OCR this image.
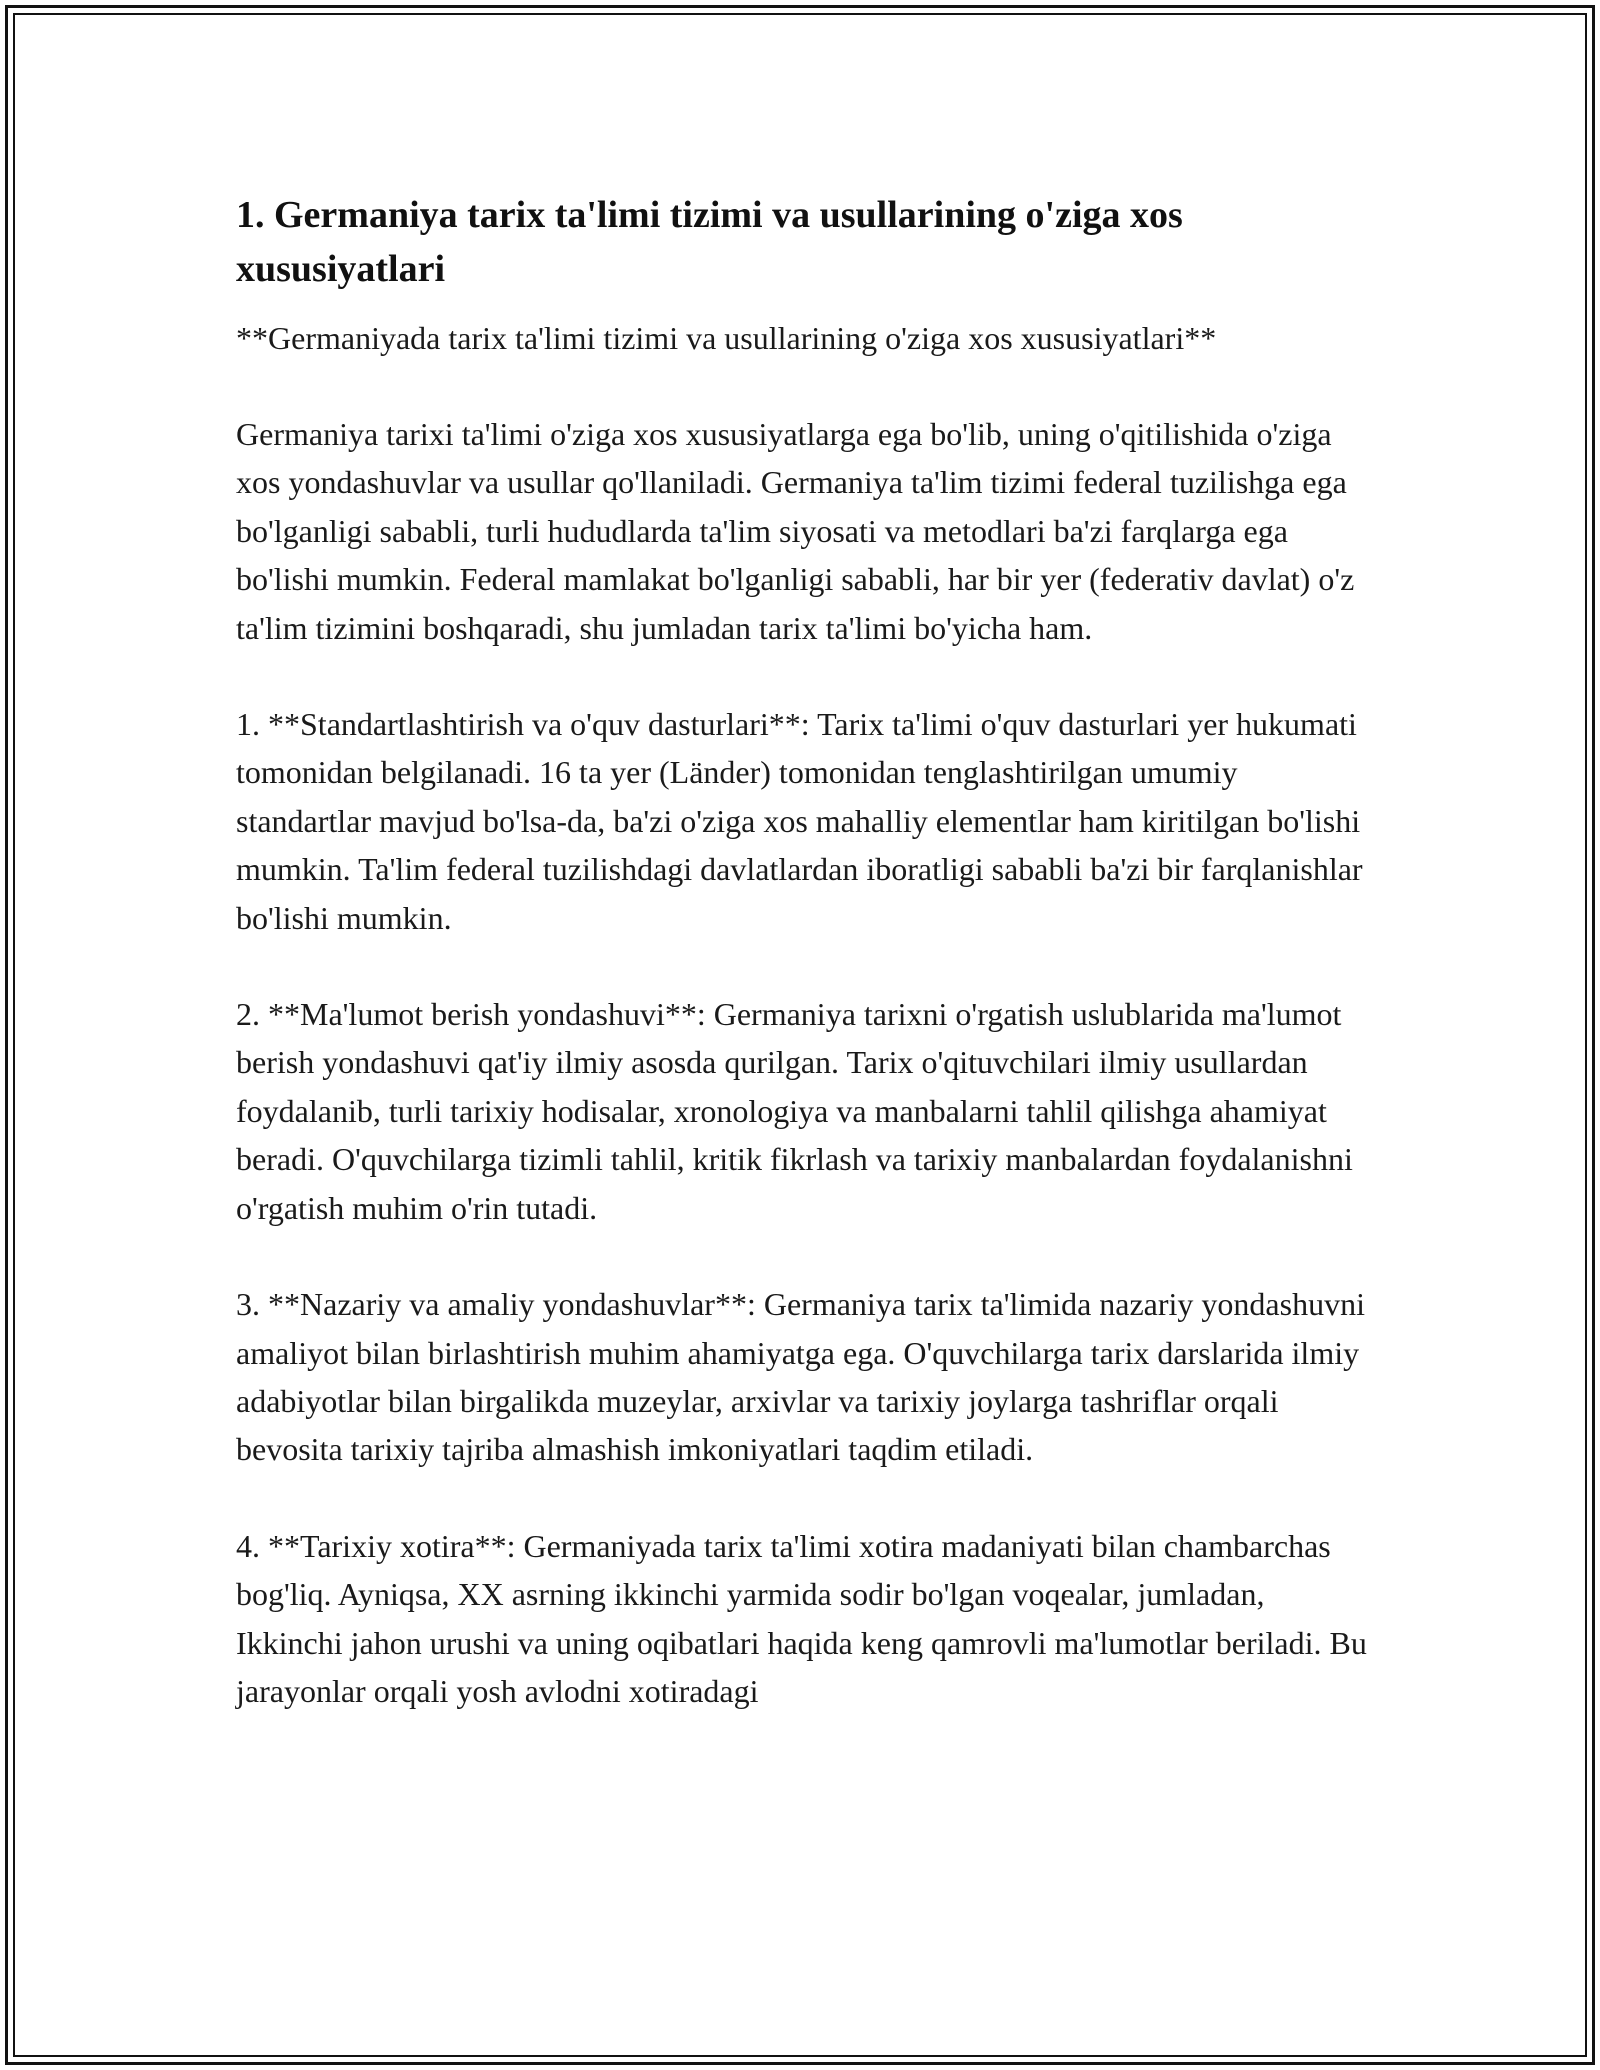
1. Germaniya tarix ta'limi tizimi va usullarining o'ziga xos xususiyatlari

**Germaniyada tarix ta'limi tizimi va usullarining o'ziga xos xususiyatlari**

Germaniya tarixi ta'limi o'ziga xos xususiyatlarga ega bo'lib, uning o'qitilishida o'ziga xos yondashuvlar va usullar qo'llaniladi. Germaniya ta'lim tizimi federal tuzilishga ega bo'lganligi sababli, turli hududlarda ta'lim siyosati va metodlari ba'zi farqlarga ega bo'lishi mumkin. Federal mamlakat bo'lganligi sababli, har bir yer (federativ davlat) o'z ta'lim tizimini boshqaradi, shu jumladan tarix ta'limi bo'yicha ham.

1. **Standartlashtirish va o'quv dasturlari**: Tarix ta'limi o'quv dasturlari yer hukumati tomonidan belgilanadi. 16 ta yer (Länder) tomonidan tenglashtirilgan umumiy standartlar mavjud bo'lsa-da, ba'zi o'ziga xos mahalliy elementlar ham kiritilgan bo'lishi mumkin. Ta'lim federal tuzilishdagi davlatlardan iboratligi sababli ba'zi bir farqlanishlar bo'lishi mumkin.

2. **Ma'lumot berish yondashuvi**: Germaniya tarixni o'rgatish uslublarida ma'lumot berish yondashuvi qat'iy ilmiy asosda qurilgan. Tarix o'qituvchilari ilmiy usullardan foydalanib, turli tarixiy hodisalar, xronologiya va manbalarni tahlil qilishga ahamiyat beradi. O'quvchilarga tizimli tahlil, kritik fikrlash va tarixiy manbalardan foydalanishni o'rgatish muhim o'rin tutadi.

3. **Nazariy va amaliy yondashuvlar**: Germaniya tarix ta'limida nazariy yondashuvni amaliyot bilan birlashtirish muhim ahamiyatga ega. O'quvchilarga tarix darslarida ilmiy adabiyotlar bilan birgalikda muzeylar, arxivlar va tarixiy joylarga tashriflar orqali bevosita tarixiy tajriba almashish imkoniyatlari taqdim etiladi.

4. **Tarixiy xotira**: Germaniyada tarix ta'limi xotira madaniyati bilan chambarchas bog'liq. Ayniqsa, XX asrning ikkinchi yarmida sodir bo'lgan voqealar, jumladan, Ikkinchi jahon urushi va uning oqibatlari haqida keng qamrovli ma'lumotlar beriladi. Bu jarayonlar orqali yosh avlodni xotiradagi
